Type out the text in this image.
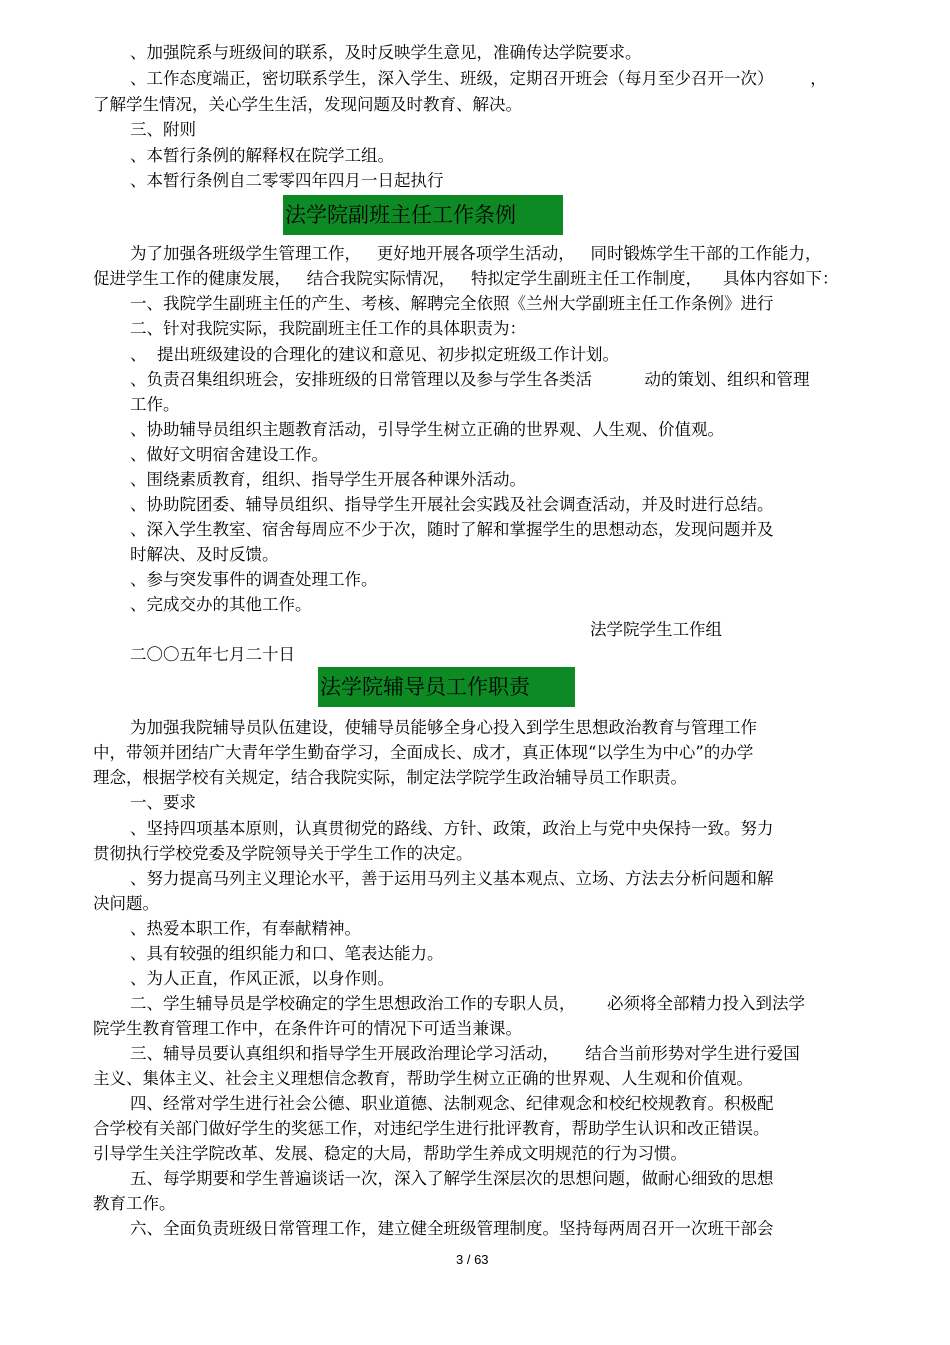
、加强院系与班级间的联系，及时反映学生意见，准确传达学院要求。
、工作态度端正，密切联系学生，深入学生、班级，定期召开班会（每月至少召开一次）       ，
了解学生情况，关心学生生活，发现问题及时教育、解决。
三、附则
、本暂行条例的解释权在院学工组。
、本暂行条例自二零零四年四月一日起执行
法学院副班主任工作条例
为了加强各班级学生管理工作，   更好地开展各项学生活动，   同时锻炼学生干部的工作能力，
促进学生工作的健康发展，   结合我院实际情况，   特拟定学生副班主任工作制度，    具体内容如下：
一、我院学生副班主任的产生、考核、解聘完全依照《兰州大学副班主任工作条例》进行
二、针对我院实际，我院副班主任工作的具体职责为：
、  提出班级建设的合理化的建议和意见、初步拟定班级工作计划。
、负责召集组织班会，安排班级的日常管理以及参与学生各类活          动的策划、组织和管理
工作。
、协助辅导员组织主题教育活动，引导学生树立正确的世界观、人生观、价值观。
、做好文明宿舍建设工作。
、围绕素质教育，组织、指导学生开展各种课外活动。
、协助院团委、辅导员组织、指导学生开展社会实践及社会调查活动，并及时进行总结。
、深入学生教室、宿舍每周应不少于次，随时了解和掌握学生的思想动态，发现问题并及
时解决、及时反馈。
、参与突发事件的调查处理工作。
、完成交办的其他工作。
法学院学生工作组
二〇〇五年七月二十日
法学院辅导员工作职责
为加强我院辅导员队伍建设，使辅导员能够全身心投入到学生思想政治教育与管理工作
中，带领并团结广大青年学生勤奋学习，全面成长、成才，真正体现“以学生为中心”的办学
理念，根据学校有关规定，结合我院实际，制定法学院学生政治辅导员工作职责。
一、要求
、坚持四项基本原则，认真贯彻党的路线、方针、政策，政治上与党中央保持一致。努力
贯彻执行学校党委及学院领导关于学生工作的决定。
、努力提高马列主义理论水平，善于运用马列主义基本观点、立场、方法去分析问题和解
决问题。
、热爱本职工作，有奉献精神。
、具有较强的组织能力和口、笔表达能力。
、为人正直，作风正派，以身作则。
二、学生辅导员是学校确定的学生思想政治工作的专职人员，      必须将全部精力投入到法学
院学生教育管理工作中，在条件许可的情况下可适当兼课。
三、辅导员要认真组织和指导学生开展政治理论学习活动，     结合当前形势对学生进行爱国
主义、集体主义、社会主义理想信念教育，帮助学生树立正确的世界观、人生观和价值观。
四、经常对学生进行社会公德、职业道德、法制观念、纪律观念和校纪校规教育。积极配
合学校有关部门做好学生的奖惩工作，对违纪学生进行批评教育，帮助学生认识和改正错误。
引导学生关注学院改革、发展、稳定的大局，帮助学生养成文明规范的行为习惯。
五、每学期要和学生普遍谈话一次，深入了解学生深层次的思想问题，做耐心细致的思想
教育工作。
六、全面负责班级日常管理工作，建立健全班级管理制度。坚持每两周召开一次班干部会
3 / 63
